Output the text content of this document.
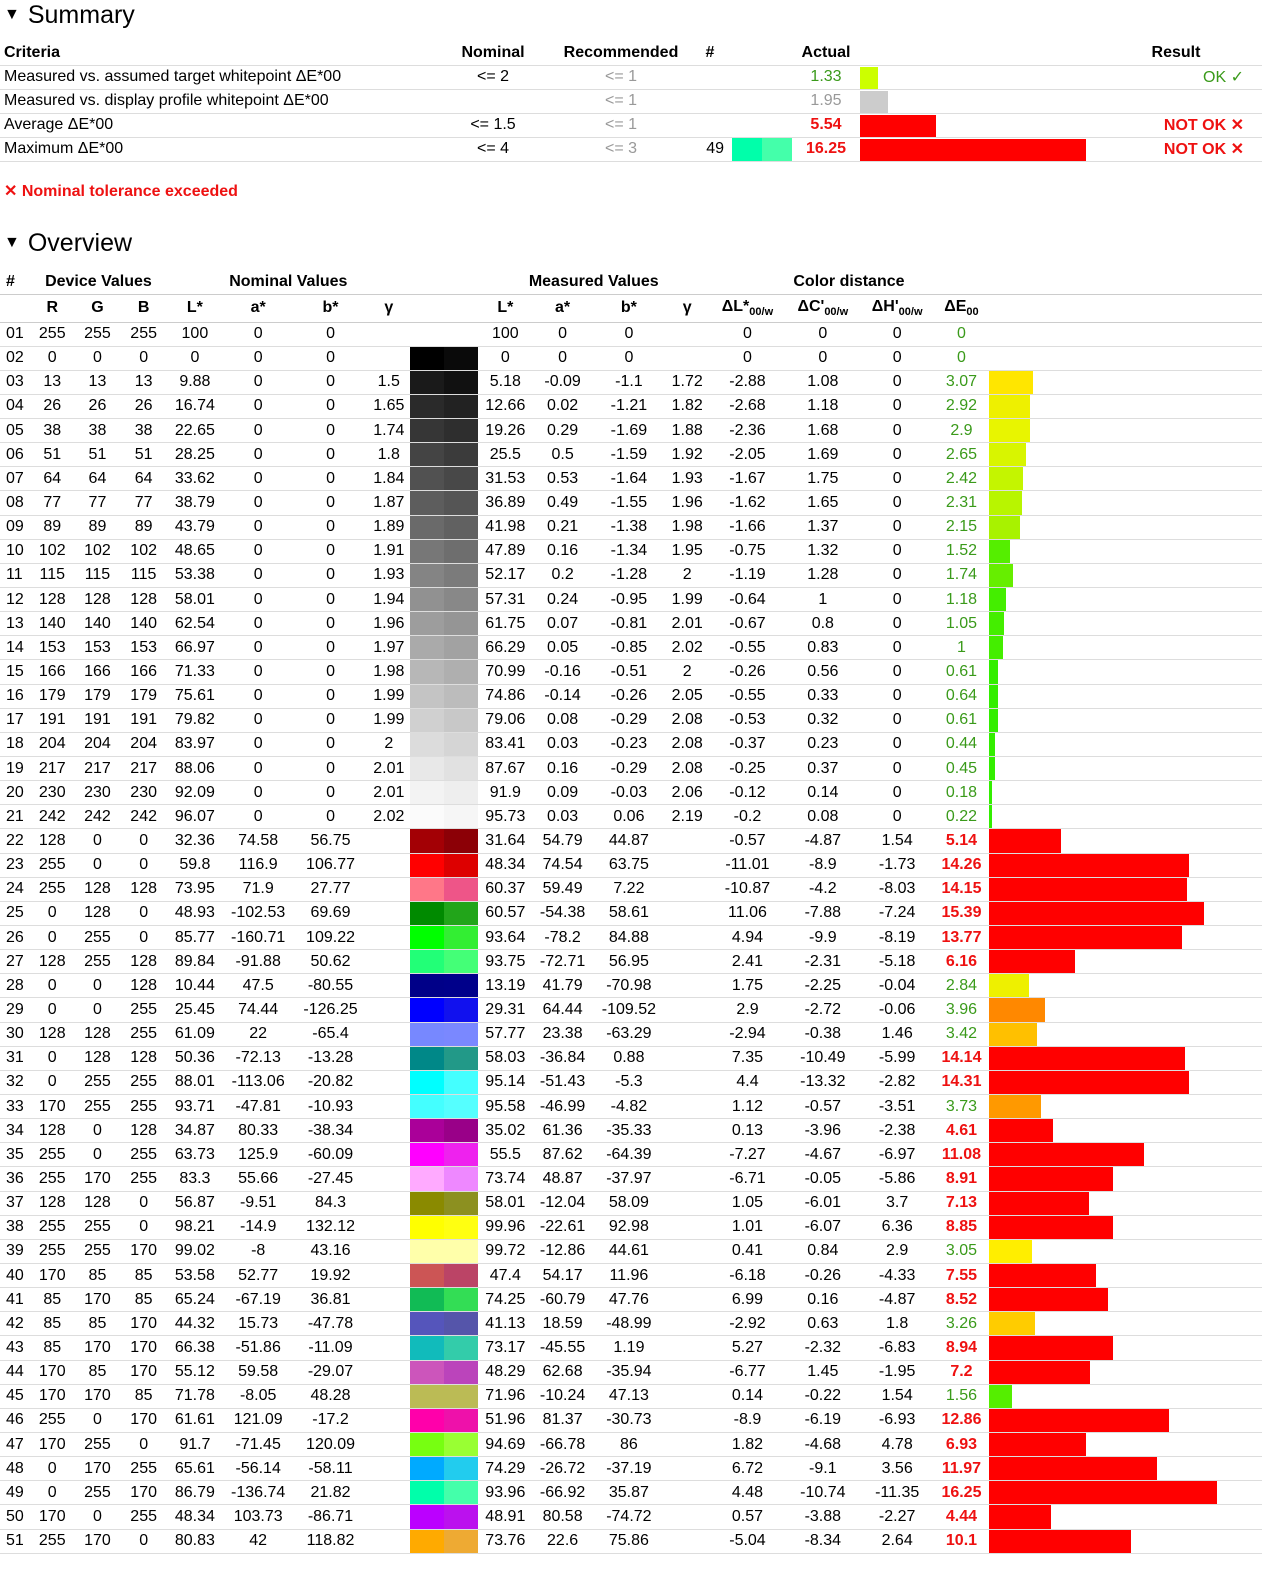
▼ Summary
Criteria	Nominal	Recommended	#		Actual		Result
Measured vs. assumed target whitepoint ΔE*00	<= 2	<= 1			1.33		OK ✓
Measured vs. display profile whitepoint ΔE*00		<= 1			1.95	

Average ΔE*00	<= 1.5	<= 1			5.54		NOT OK ✕
Maximum ΔE*00	<= 4	<= 3	49		16.25		NOT OK ✕
✕ Nominal tolerance exceeded
▼ Overview
#	Device Values			Nominal Values					Measured Values				Color distance				
	R	G	B	L*	a*	b*	γ		L*	a*	b*	γ	$\Delta L*_{00/w}$	$\Delta C'_{00/w}$	$\Delta H'_{00/w}$	$\Delta E_{00}$	
01	255	255	255	100	0	0			100	0	0		0	0	0	0	
02	0	0	0	0	0	0			0	0	0		0	0	0	0	
03	13	13	13	9.88	0	0	1.5		5.18	-0.09	-1.1	1.72	-2.88	1.08	0	3.07	

04	26	26	26	16.74	0	0	1.65		12.66	0.02	-1.21	1.82	-2.68	1.18	0	2.92	

05	38	38	38	22.65	0	0	1.74		19.26	0.29	-1.69	1.88	-2.36	1.68	0	2.9	

06	51	51	51	28.25	0	0	1.8		25.5	0.5	-1.59	1.92	-2.05	1.69	0	2.65	

07	64	64	64	33.62	0	0	1.84		31.53	0.53	-1.64	1.93	-1.67	1.75	0	2.42	

08	77	77	77	38.79	0	0	1.87		36.89	0.49	-1.55	1.96	-1.62	1.65	0	2.31	

09	89	89	89	43.79	0	0	1.89		41.98	0.21	-1.38	1.98	-1.66	1.37	0	2.15	

10	102	102	102	48.65	0	0	1.91		47.89	0.16	-1.34	1.95	-0.75	1.32	0	1.52	

11	115	115	115	53.38	0	0	1.93		52.17	0.2	-1.28	2	-1.19	1.28	0	1.74	

12	128	128	128	58.01	0	0	1.94		57.31	0.24	-0.95	1.99	-0.64	1	0	1.18	

13	140	140	140	62.54	0	0	1.96		61.75	0.07	-0.81	2.01	-0.67	0.8	0	1.05	

14	153	153	153	66.97	0	0	1.97		66.29	0.05	-0.85	2.02	-0.55	0.83	0	1	

15	166	166	166	71.33	0	0	1.98		70.99	-0.16	-0.51	2	-0.26	0.56	0	0.61	

16	179	179	179	75.61	0	0	1.99		74.86	-0.14	-0.26	2.05	-0.55	0.33	0	0.64	

17	191	191	191	79.82	0	0	1.99		79.06	0.08	-0.29	2.08	-0.53	0.32	0	0.61	

18	204	204	204	83.97	0	0	2		83.41	0.03	-0.23	2.08	-0.37	0.23	0	0.44	

19	217	217	217	88.06	0	0	2.01		87.67	0.16	-0.29	2.08	-0.25	0.37	0	0.45	

20	230	230	230	92.09	0	0	2.01		91.9	0.09	-0.03	2.06	-0.12	0.14	0	0.18	

21	242	242	242	96.07	0	0	2.02		95.73	0.03	0.06	2.19	-0.2	0.08	0	0.22	

22	128	0	0	32.36	74.58	56.75			31.64	54.79	44.87		-0.57	-4.87	1.54	5.14	

23	255	0	0	59.8	116.9	106.77			48.34	74.54	63.75		-11.01	-8.9	-1.73	14.26	

24	255	128	128	73.95	71.9	27.77			60.37	59.49	7.22		-10.87	-4.2	-8.03	14.15	

25	0	128	0	48.93	-102.53	69.69			60.57	-54.38	58.61		11.06	-7.88	-7.24	15.39	

26	0	255	0	85.77	-160.71	109.22			93.64	-78.2	84.88		4.94	-9.9	-8.19	13.77	

27	128	255	128	89.84	-91.88	50.62			93.75	-72.71	56.95		2.41	-2.31	-5.18	6.16	

28	0	0	128	10.44	47.5	-80.55			13.19	41.79	-70.98		1.75	-2.25	-0.04	2.84	

29	0	0	255	25.45	74.44	-126.25			29.31	64.44	-109.52		2.9	-2.72	-0.06	3.96	

30	128	128	255	61.09	22	-65.4			57.77	23.38	-63.29		-2.94	-0.38	1.46	3.42	

31	0	128	128	50.36	-72.13	-13.28			58.03	-36.84	0.88		7.35	-10.49	-5.99	14.14	

32	0	255	255	88.01	-113.06	-20.82			95.14	-51.43	-5.3		4.4	-13.32	-2.82	14.31	

33	170	255	255	93.71	-47.81	-10.93			95.58	-46.99	-4.82		1.12	-0.57	-3.51	3.73	

34	128	0	128	34.87	80.33	-38.34			35.02	61.36	-35.33		0.13	-3.96	-2.38	4.61	

35	255	0	255	63.73	125.9	-60.09			55.5	87.62	-64.39		-7.27	-4.67	-6.97	11.08	

36	255	170	255	83.3	55.66	-27.45			73.74	48.87	-37.97		-6.71	-0.05	-5.86	8.91	

37	128	128	0	56.87	-9.51	84.3			58.01	-12.04	58.09		1.05	-6.01	3.7	7.13	

38	255	255	0	98.21	-14.9	132.12			99.96	-22.61	92.98		1.01	-6.07	6.36	8.85	

39	255	255	170	99.02	-8	43.16			99.72	-12.86	44.61		0.41	0.84	2.9	3.05	

40	170	85	85	53.58	52.77	19.92			47.4	54.17	11.96		-6.18	-0.26	-4.33	7.55	

41	85	170	85	65.24	-67.19	36.81			74.25	-60.79	47.76		6.99	0.16	-4.87	8.52	

42	85	85	170	44.32	15.73	-47.78			41.13	18.59	-48.99		-2.92	0.63	1.8	3.26	

43	85	170	170	66.38	-51.86	-11.09			73.17	-45.55	1.19		5.27	-2.32	-6.83	8.94	

44	170	85	170	55.12	59.58	-29.07			48.29	62.68	-35.94		-6.77	1.45	-1.95	7.2	

45	170	170	85	71.78	-8.05	48.28			71.96	-10.24	47.13		0.14	-0.22	1.54	1.56	

46	255	0	170	61.61	121.09	-17.2			51.96	81.37	-30.73		-8.9	-6.19	-6.93	12.86	

47	170	255	0	91.7	-71.45	120.09			94.69	-66.78	86		1.82	-4.68	4.78	6.93	

48	0	170	255	65.61	-56.14	-58.11			74.29	-26.72	-37.19		6.72	-9.1	3.56	11.97	

49	0	255	170	86.79	-136.74	21.82			93.96	-66.92	35.87		4.48	-10.74	-11.35	16.25	

50	170	0	255	48.34	103.73	-86.71			48.91	80.58	-74.72		0.57	-3.88	-2.27	4.44	

51	255	170	0	80.83	42	118.82			73.76	22.6	75.86		-5.04	-8.34	2.64	10.1	
